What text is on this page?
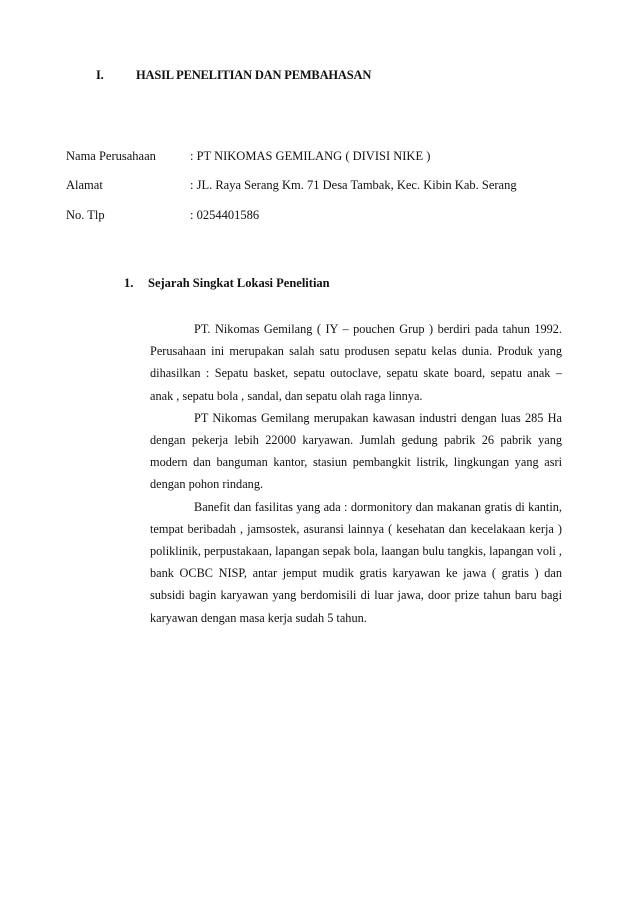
I.	HASIL PENELITIAN DAN PEMBAHASAN
Nama Perusahaan	: PT NIKOMAS GEMILANG ( DIVISI NIKE )
Alamat	: JL. Raya Serang Km. 71 Desa Tambak, Kec. Kibin Kab. Serang
No. Tlp	: 0254401586
1. Sejarah Singkat Lokasi Penelitian

PT. Nikomas Gemilang ( IY – pouchen Grup ) berdiri pada tahun 1992. Perusahaan ini merupakan salah satu produsen sepatu kelas dunia. Produk yang dihasilkan : Sepatu basket, sepatu outoclave, sepatu skate board, sepatu anak – anak , sepatu bola , sandal, dan sepatu olah raga linnya.

PT Nikomas Gemilang merupakan kawasan industri dengan luas 285 Ha dengan pekerja lebih 22000 karyawan. Jumlah gedung pabrik 26 pabrik yang modern dan banguman kantor, stasiun pembangkit listrik, lingkungan yang asri dengan pohon rindang.

Banefit dan fasilitas yang ada : dormonitory dan makanan gratis di kantin, tempat beribadah , jamsostek, asuransi lainnya ( kesehatan dan kecelakaan kerja ) poliklinik, perpustakaan, lapangan sepak bola, laangan bulu tangkis, lapangan voli , bank OCBC NISP, antar jemput mudik gratis karyawan ke jawa ( gratis ) dan subsidi bagin karyawan yang berdomisili di luar jawa, door prize tahun baru bagi karyawan dengan masa kerja sudah 5 tahun.
